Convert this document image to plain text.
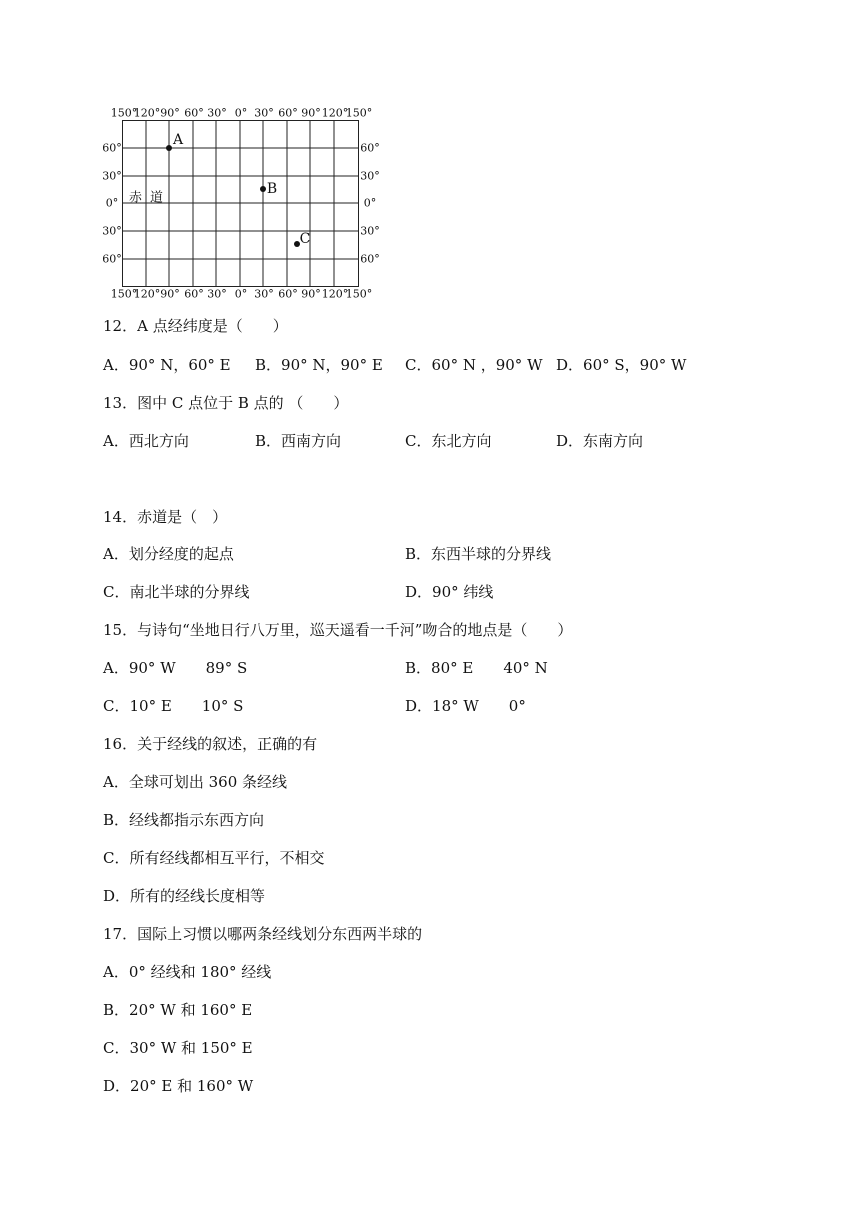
150°
120° 90° 60° 30° 0° 30° 60° 90° 120°
150°
150°
120° 90° 60° 30° 0° 30° 60° 90° 120°
150°
60°
30°
0°
30°
60°
60°
30°
0°
30°
60°
赤道
A
B
C
12．A 点经纬度是（　　）
A．90° N，60° E B．90° N，90° E C．60° N ，90° W D．60° S，90° W
13．图中 C 点位于 B 点的 （　　）
A．西北方向	B．西南方向	C．东北方向	D．东南方向
14．赤道是（　）
A．划分经度的起点	B．东西半球的分界线
C．南北半球的分界线	D．90° 纬线
15．与诗句“坐地日行八万里，巡天遥看一千河”吻合的地点是（　　）
A．90° W　　89° S	B．80° E　　40° N
C．10° E　　10° S	D．18° W　　0°
16．关于经线的叙述，正确的有
A．全球可划出 360 条经线
B．经线都指示东西方向
C．所有经线都相互平行，不相交
D．所有的经线长度相等
17．国际上习惯以哪两条经线划分东西两半球的
A．0° 经线和 180° 经线
B．20° W 和 160° E
C．30° W 和 150° E
D．20° E 和 160° W
